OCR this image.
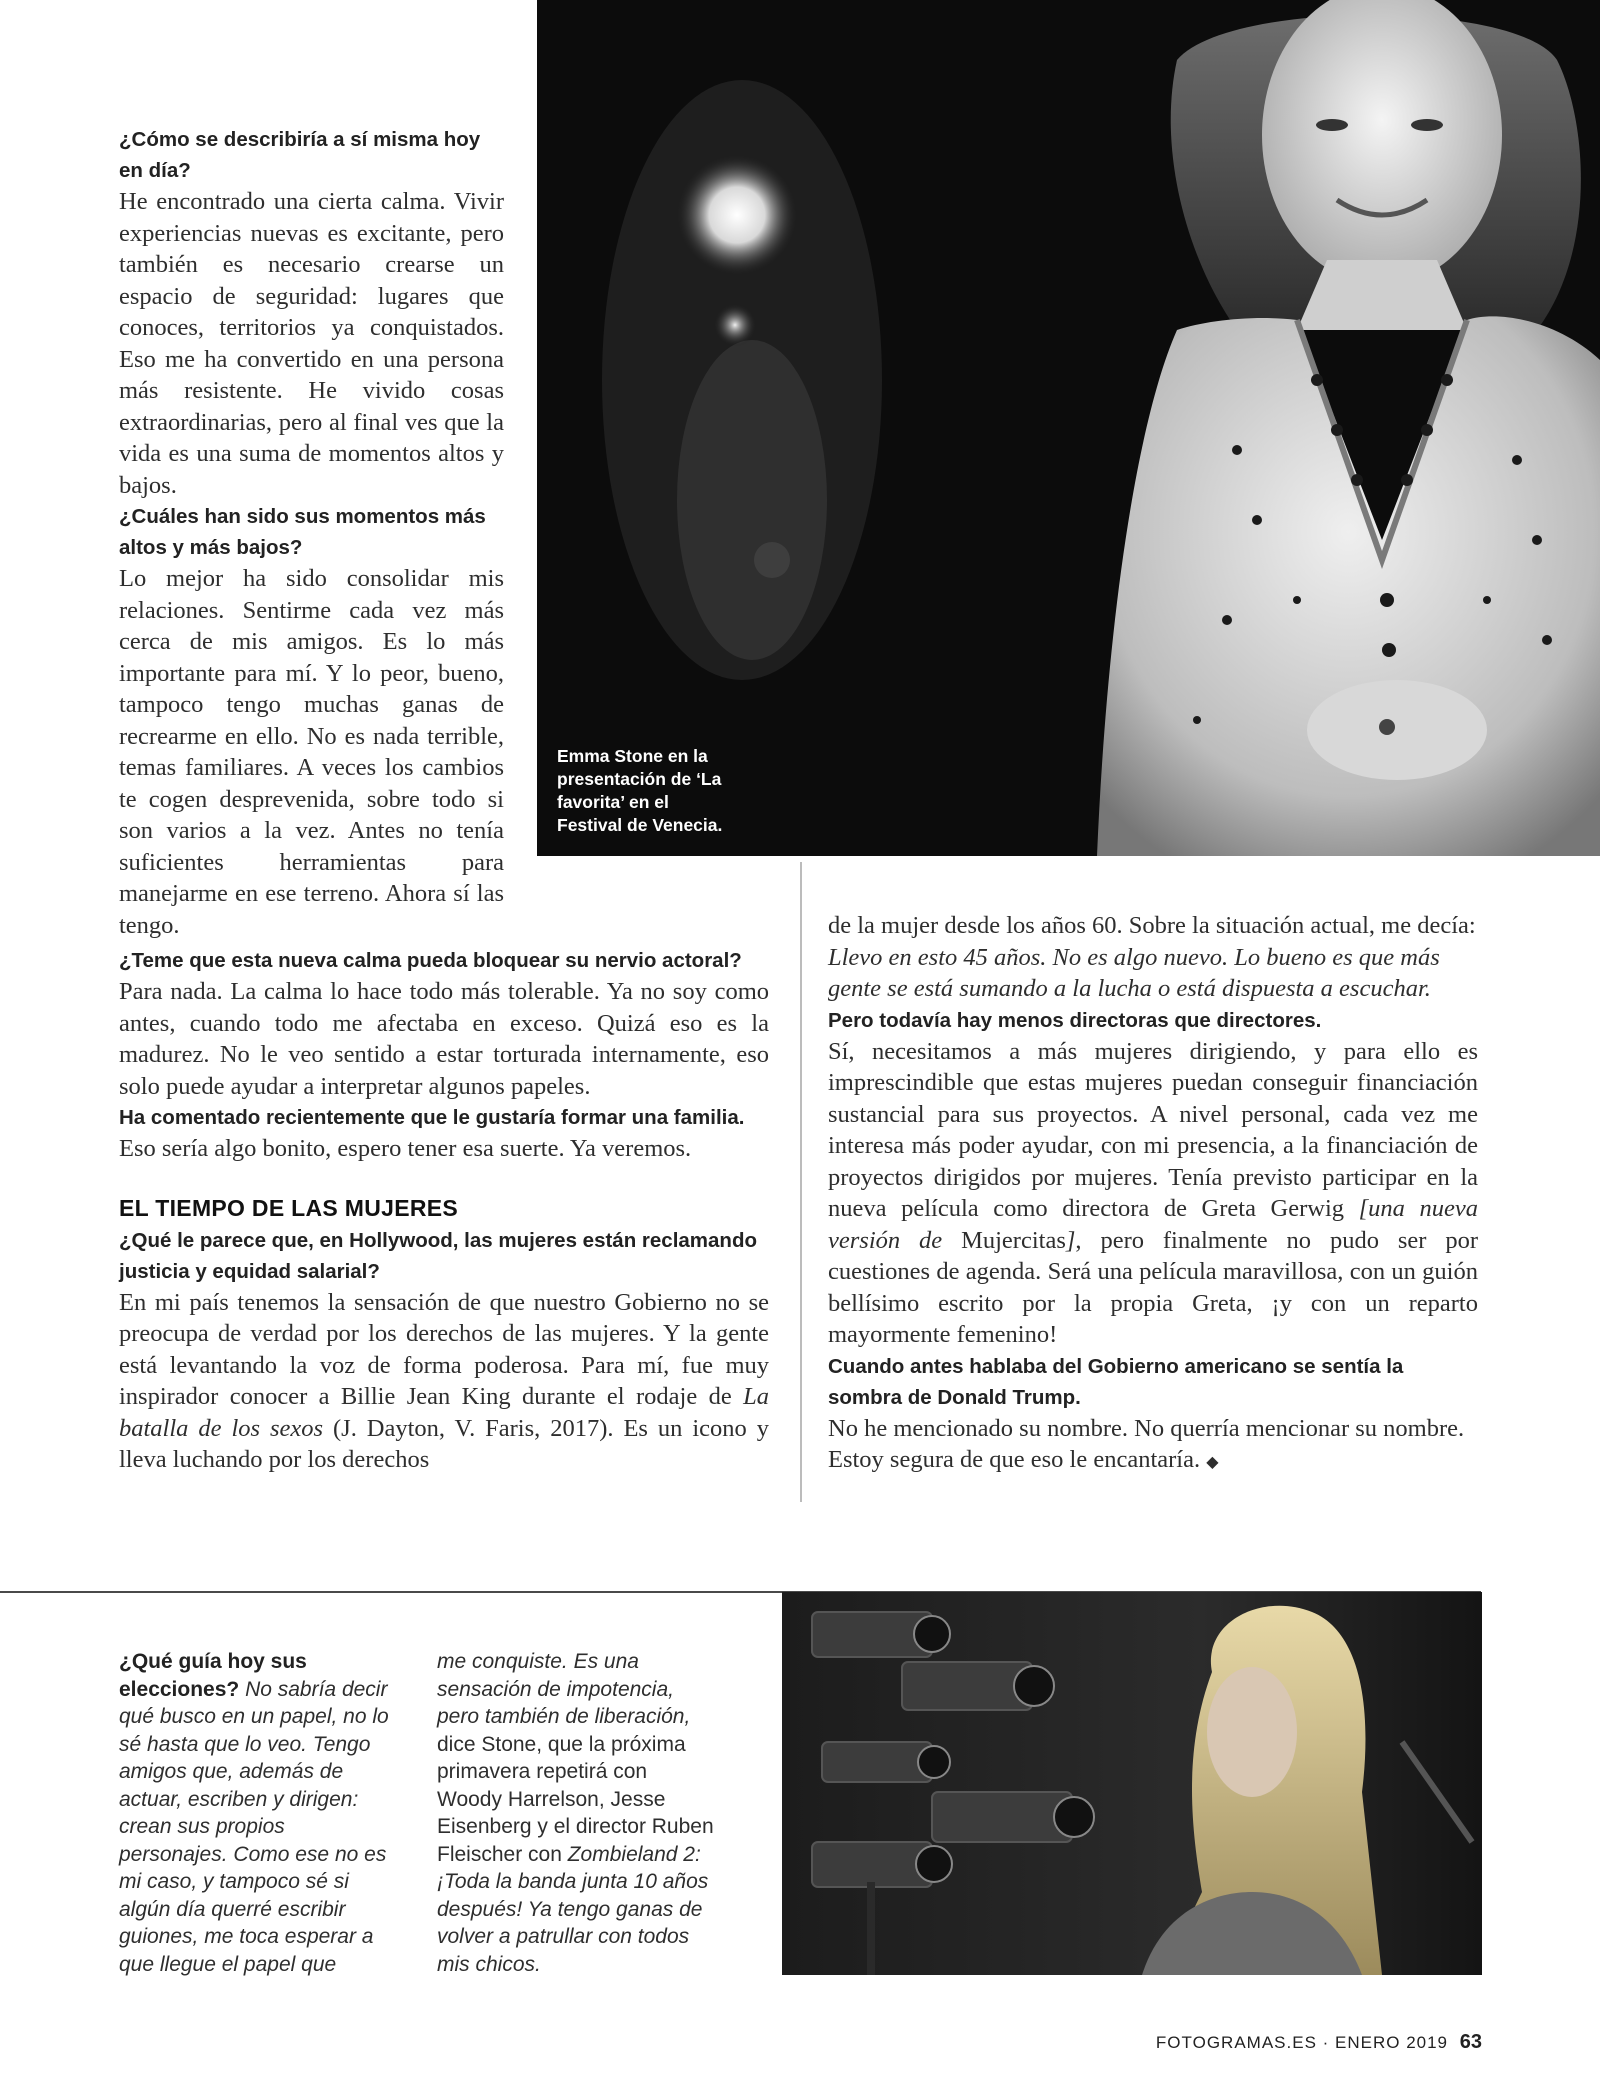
¿Cómo se describiría a sí misma hoy en día?

He encontrado una cierta calma. Vivir experiencias nuevas es excitante, pero también es necesario crearse un espacio de seguridad: lugares que conoces, territorios ya conquistados. Eso me ha convertido en una persona más resistente. He vivido cosas extraordinarias, pero al final ves que la vida es una suma de momentos altos y bajos.

¿Cuáles han sido sus momentos más altos y más bajos?

Lo mejor ha sido consolidar mis relaciones. Sentirme cada vez más cerca de mis amigos. Es lo más importante para mí. Y lo peor, bueno, tampoco tengo muchas ganas de recrearme en ello. No es nada terrible, temas familiares. A veces los cambios te cogen desprevenida, sobre todo si son varios a la vez. Antes no tenía suficientes herramientas para manejarme en ese terreno. Ahora sí las tengo.

¿Teme que esta nueva calma pueda bloquear su nervio actoral?

Para nada. La calma lo hace todo más tolerable. Ya no soy como antes, cuando todo me afectaba en exceso. Quizá eso es la madurez. No le veo sentido a estar torturada internamente, eso solo puede ayudar a interpretar algunos papeles.

Ha comentado recientemente que le gustaría formar una familia.

Eso sería algo bonito, espero tener esa suerte. Ya veremos.

EL TIEMPO DE LAS MUJERES

¿Qué le parece que, en Hollywood, las mujeres están reclamando justicia y equidad salarial?

En mi país tenemos la sensación de que nuestro Gobierno no se preocupa de verdad por los derechos de las mujeres. Y la gente está levantando la voz de forma poderosa. Para mí, fue muy inspirador conocer a Billie Jean King durante el rodaje de La batalla de los sexos (J. Dayton, V. Faris, 2017). Es un icono y lleva luchando por los derechos

de la mujer desde los años 60. Sobre la situación actual, me decía: Llevo en esto 45 años. No es algo nuevo. Lo bueno es que más gente se está sumando a la lucha o está dispuesta a escuchar.

Pero todavía hay menos directoras que directores.

Sí, necesitamos a más mujeres dirigiendo, y para ello es imprescindible que estas mujeres puedan conseguir financiación sustancial para sus proyectos. A nivel personal, cada vez me interesa más poder ayudar, con mi presencia, a la financiación de proyectos dirigidos por mujeres. Tenía previsto participar en la nueva película como directora de Greta Gerwig [una nueva versión de Mujercitas], pero finalmente no pudo ser por cuestiones de agenda. Será una película maravillosa, con un guión bellísimo escrito por la propia Greta, ¡y con un reparto mayormente femenino!

Cuando antes hablaba del Gobierno americano se sentía la sombra de Donald Trump.

No he mencionado su nombre. No querría mencionar su nombre. Estoy segura de que eso le encantaría. ◆

Emma Stone en la presentación de ‘La favorita’ en el Festival de Venecia.
¿Qué guía hoy sus elecciones? No sabría decir qué busco en un papel, no lo sé hasta que lo veo. Tengo amigos que, además de actuar, escriben y dirigen: crean sus propios personajes. Como ese no es mi caso, y tampoco sé si algún día querré escribir guiones, me toca esperar a que llegue el papel que
me conquiste. Es una sensación de impotencia, pero también de liberación, dice Stone, que la próxima primavera repetirá con Woody Harrelson, Jesse Eisenberg y el director Ruben Fleischer con Zombieland 2: ¡Toda la banda junta 10 años después! Ya tengo ganas de volver a patrullar con todos mis chicos.
FOTOGRAMAS.ES · ENERO 2019 63
